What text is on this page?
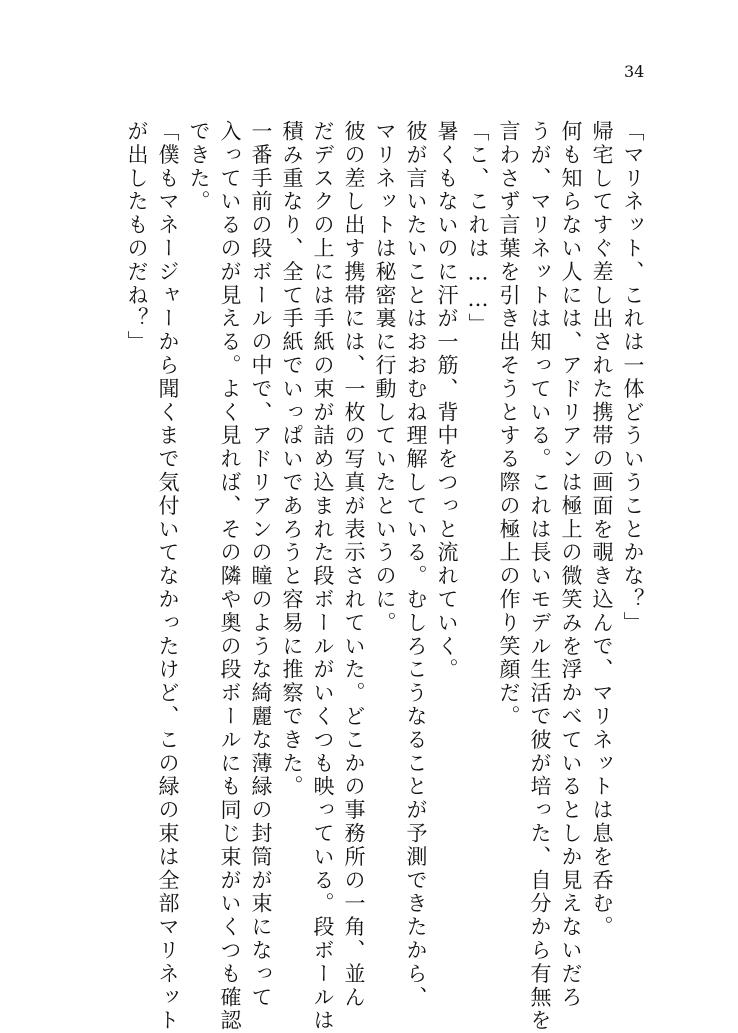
34
「マリネット、これは一体どういうことかな？」
帰宅してすぐ差し出された携帯の画面を覗き込んで、マリネットは息を呑む。
何も知らない人には、アドリアンは極上の微笑みを浮かべているとしか見えないだろ
うが、マリネットは知っている。これは長いモデル生活で彼が培った、自分から有無を
言わさず言葉を引き出そうとする際の極上の作り笑顔だ。
「こ、これは……」
暑くもないのに汗が一筋、背中をつっと流れていく。
彼が言いたいことはおおむね理解している。むしろこうなることが予測できたから、
マリネットは秘密裏に行動していたというのに。
彼の差し出す携帯には、一枚の写真が表示されていた。どこかの事務所の一角、並ん
だデスクの上には手紙の束が詰め込まれた段ボールがいくつも映っている。段ボールは
積み重なり、全て手紙でいっぱいであろうと容易に推察できた。
一番手前の段ボールの中で、アドリアンの瞳のような綺麗な薄緑の封筒が束になって
入っているのが見える。よく見れば、その隣や奥の段ボールにも同じ束がいくつも確認
できた。
「僕もマネージャーから聞くまで気付いてなかったけど、この緑の束は全部マリネット
が出したものだね？」
